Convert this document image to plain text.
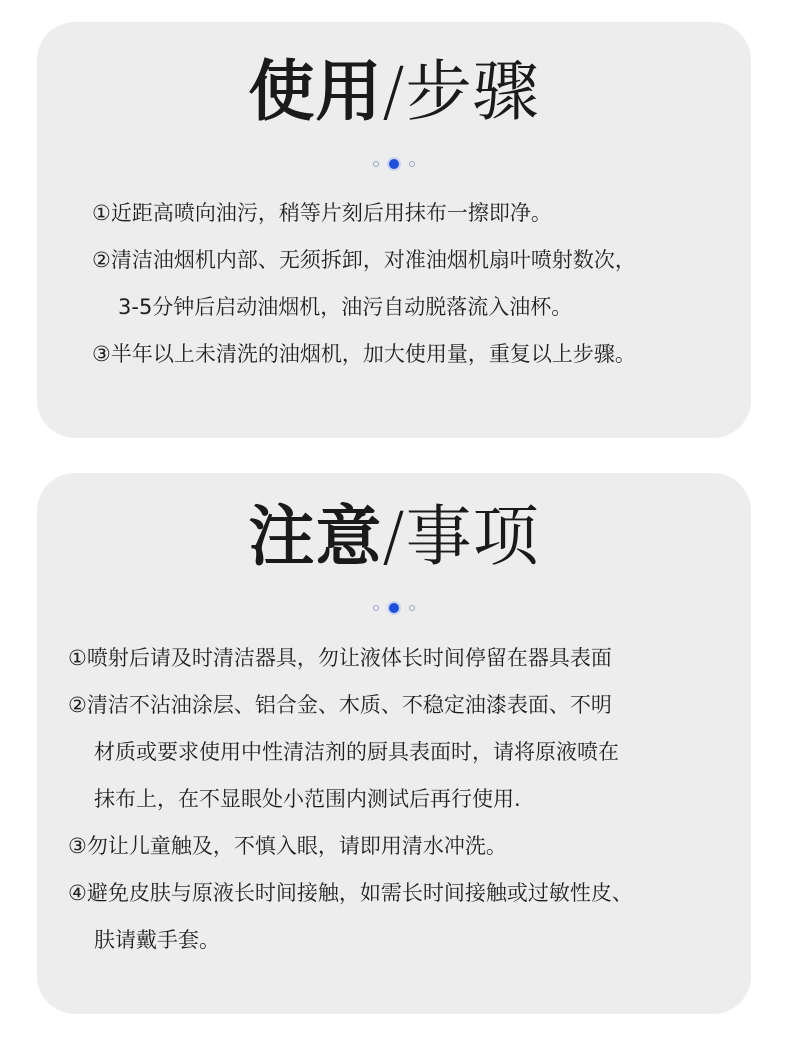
使用/步骤
①近距高喷向油污，稍等片刻后用抹布一擦即净。
②清洁油烟机内部、无须拆卸，对准油烟机扇叶喷射数次，
3-5分钟后启动油烟机，油污自动脱落流入油杯。
③半年以上未清洗的油烟机，加大使用量，重复以上步骤。
注意/事项
①喷射后请及时清洁器具，勿让液体长时间停留在器具表面
②清洁不沾油涂层、铝合金、木质、不稳定油漆表面、不明
材质或要求使用中性清洁剂的厨具表面时，请将原液喷在
抹布上，在不显眼处小范围内测试后再行使用.
③勿让儿童触及，不慎入眼，请即用清水冲洗。
④避免皮肤与原液长时间接触，如需长时间接触或过敏性皮、
肤请戴手套。
